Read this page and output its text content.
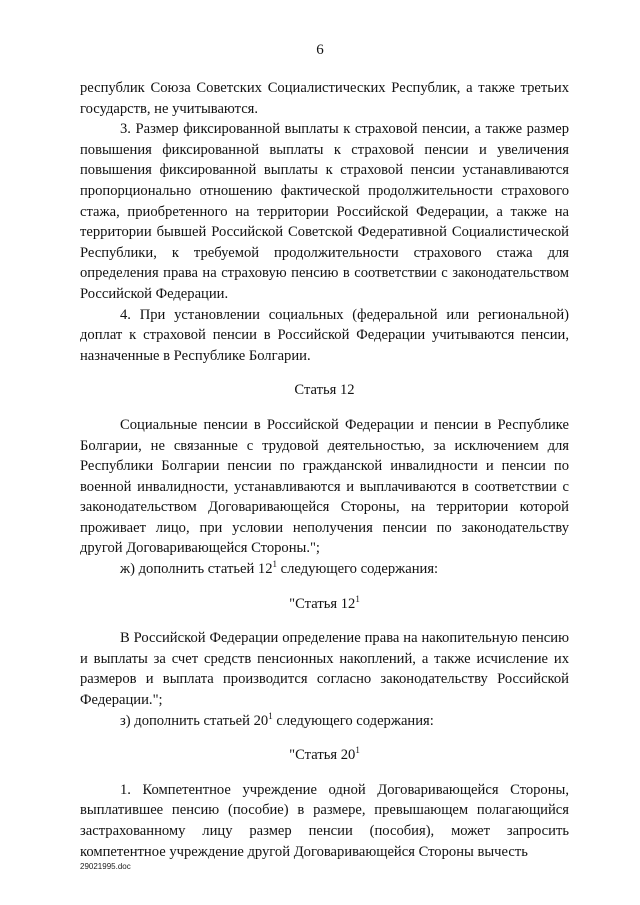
6

республик Союза Советских Социалистических Республик, а также третьих государств, не учитываются.

3. Размер фиксированной выплаты к страховой пенсии, а также размер повышения фиксированной выплаты к страховой пенсии и увеличения повышения фиксированной выплаты к страховой пенсии устанавливаются пропорционально отношению фактической продолжительности страхового стажа, приобретенного на территории Российской Федерации, а также на территории бывшей Российской Советской Федеративной Социалистической Республики, к требуемой продолжительности страхового стажа для определения права на страховую пенсию в соответствии с законодательством Российской Федерации.

4. При установлении социальных (федеральной или региональной) доплат к страховой пенсии в Российской Федерации учитываются пенсии, назначенные в Республике Болгарии.

Статья 12

Социальные пенсии в Российской Федерации и пенсии в Республике Болгарии, не связанные с трудовой деятельностью, за исключением для Республики Болгарии пенсии по гражданской инвалидности и пенсии по военной инвалидности, устанавливаются и выплачиваются в соответствии с законодательством Договаривающейся Стороны, на территории которой проживает лицо, при условии неполучения пенсии по законодательству другой Договаривающейся Стороны.";

ж) дополнить статьей $12^1$ следующего содержания:

"Статья $12^1$

В Российской Федерации определение права на накопительную пенсию и выплаты за счет средств пенсионных накоплений, а также исчисление их размеров и выплата производится согласно законодательству Российской Федерации.";

з) дополнить статьей $20^1$ следующего содержания:

"Статья $20^1$

1. Компетентное учреждение одной Договаривающейся Стороны, выплатившее пенсию (пособие) в размере, превышающем полагающийся застрахованному лицу размер пенсии (пособия), может запросить компетентное учреждение другой Договаривающейся Стороны вычесть

29021995.doc
